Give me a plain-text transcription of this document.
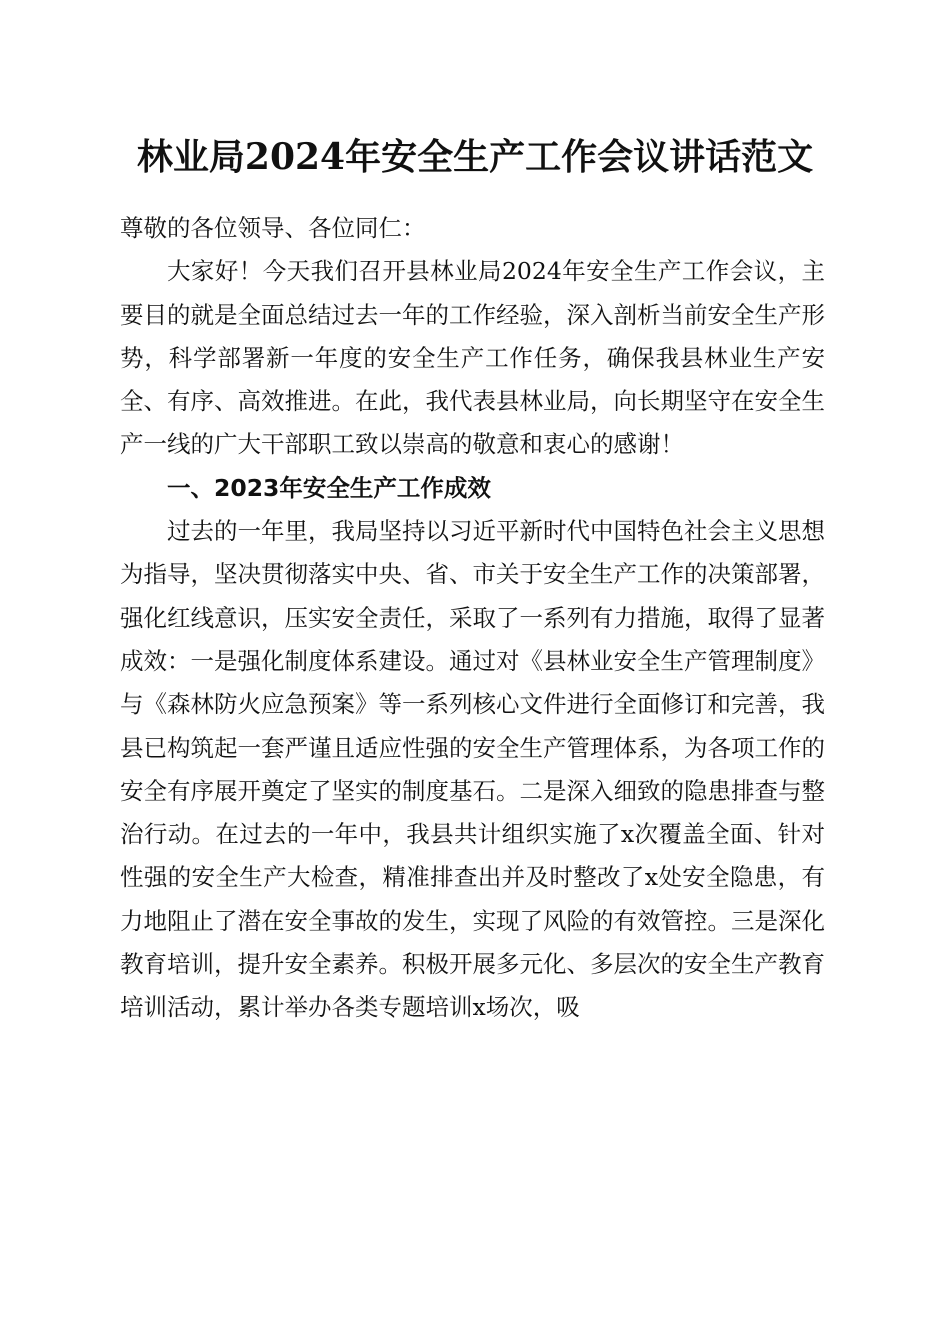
林业局2024年安全生产工作会议讲话范文

尊敬的各位领导、各位同仁：

大家好！今天我们召开县林业局2024年安全生产工作会议，主要目的就是全面总结过去一年的工作经验，深入剖析当前安全生产形势，科学部署新一年度的安全生产工作任务，确保我县林业生产安全、有序、高效推进。在此，我代表县林业局，向长期坚守在安全生产一线的广大干部职工致以崇高的敬意和衷心的感谢！

一、2023年安全生产工作成效

过去的一年里，我局坚持以习近平新时代中国特色社会主义思想为指导，坚决贯彻落实中央、省、市关于安全生产工作的决策部署，强化红线意识，压实安全责任，采取了一系列有力措施，取得了显著成效：一是强化制度体系建设。通过对《县林业安全生产管理制度》与《森林防火应急预案》等一系列核心文件进行全面修订和完善，我县已构筑起一套严谨且适应性强的安全生产管理体系，为各项工作的安全有序展开奠定了坚实的制度基石。二是深入细致的隐患排查与整治行动。在过去的一年中，我县共计组织实施了x次覆盖全面、针对性强的安全生产大检查，精准排查出并及时整改了x处安全隐患，有力地阻止了潜在安全事故的发生，实现了风险的有效管控。三是深化教育培训，提升安全素养。积极开展多元化、多层次的安全生产教育培训活动，累计举办各类专题培训x场次，吸
